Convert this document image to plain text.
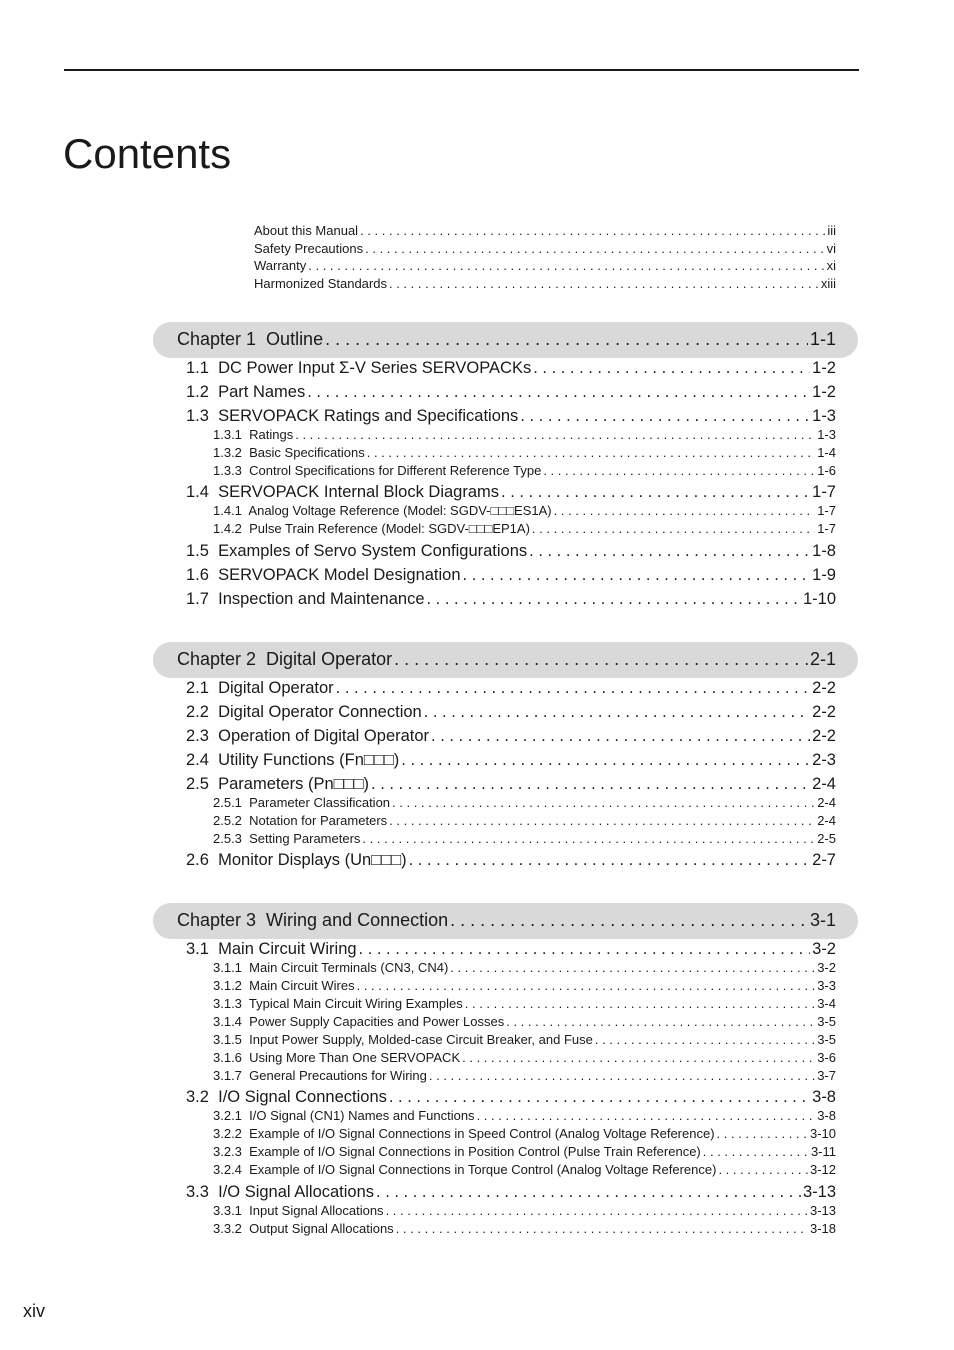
Contents
About this Manual . . .	iii
Safety Precautions . . .	vi
Warranty . . .	xi
Harmonized Standards . . .	xiii
Chapter 1  Outline . . .	1-1
1.1  DC Power Input Σ-V Series SERVOPACKs . . .	1-2
1.2  Part Names . . .	1-2
1.3  SERVOPACK Ratings and Specifications . . .	1-3
1.3.1  Ratings . . .	1-3
1.3.2  Basic Specifications . . .	1-4
1.3.3  Control Specifications for Different Reference Type . . .	1-6
1.4  SERVOPACK Internal Block Diagrams . . .	1-7
1.4.1  Analog Voltage Reference (Model: SGDV-□□□ES1A) . . .	1-7
1.4.2  Pulse Train Reference (Model: SGDV-□□□EP1A) . . .	1-7
1.5  Examples of Servo System Configurations . . .	1-8
1.6  SERVOPACK Model Designation . . .	1-9
1.7  Inspection and Maintenance . . .	1-10
Chapter 2  Digital Operator . . .	2-1
2.1  Digital Operator . . .	2-2
2.2  Digital Operator Connection . . .	2-2
2.3  Operation of Digital Operator . . .	2-2
2.4  Utility Functions (Fn□□□) . . .	2-3
2.5  Parameters (Pn□□□) . . .	2-4
2.5.1  Parameter Classification . . .	2-4
2.5.2  Notation for Parameters . . .	2-4
2.5.3  Setting Parameters . . .	2-5
2.6  Monitor Displays (Un□□□) . . .	2-7
Chapter 3  Wiring and Connection . . .	3-1
3.1  Main Circuit Wiring . . .	3-2
3.1.1  Main Circuit Terminals (CN3, CN4) . . .	3-2
3.1.2  Main Circuit Wires . . .	3-3
3.1.3  Typical Main Circuit Wiring Examples . . .	3-4
3.1.4  Power Supply Capacities and Power Losses . . .	3-5
3.1.5  Input Power Supply, Molded-case Circuit Breaker, and Fuse . . .	3-5
3.1.6  Using More Than One SERVOPACK . . .	3-6
3.1.7  General Precautions for Wiring . . .	3-7
3.2  I/O Signal Connections . . .	3-8
3.2.1  I/O Signal (CN1) Names and Functions . . .	3-8
3.2.2  Example of I/O Signal Connections in Speed Control (Analog Voltage Reference) . . .	3-10
3.2.3  Example of I/O Signal Connections in Position Control (Pulse Train Reference) . . .	3-11
3.2.4  Example of I/O Signal Connections in Torque Control (Analog Voltage Reference) . . .	3-12
3.3  I/O Signal Allocations . . .	3-13
3.3.1  Input Signal Allocations . . .	3-13
3.3.2  Output Signal Allocations . . .	3-18
xiv
